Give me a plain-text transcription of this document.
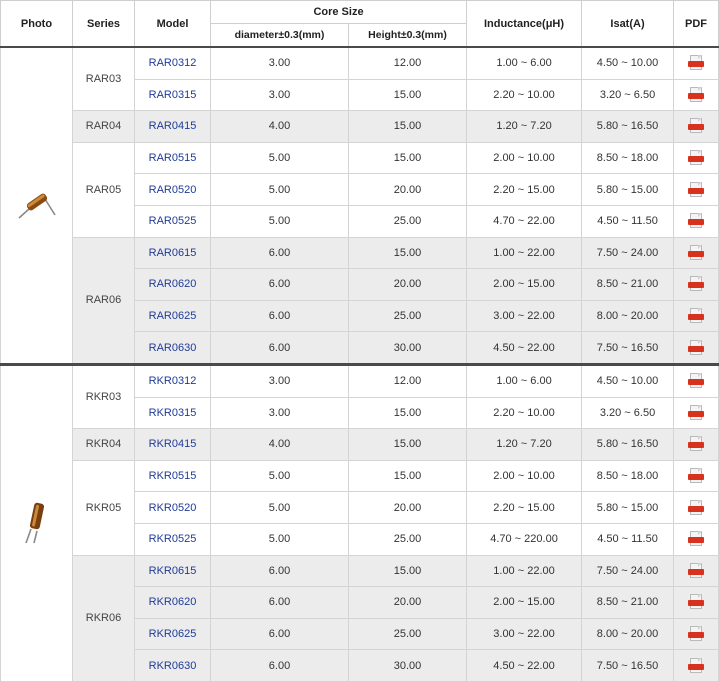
Photo	Series	Model	Core Size		Inductance(μH)	Isat(A)	PDF
			diameter±0.3(mm)	Height±0.3(mm)			
	RAR03	RAR0312	3.00	12.00	1.00 ~ 6.00	4.50 ~ 10.00	

		RAR0315	3.00	15.00	2.20 ~ 10.00	3.20 ~ 6.50	

	RAR04	RAR0415	4.00	15.00	1.20 ~ 7.20	5.80 ~ 16.50	

	RAR05	RAR0515	5.00	15.00	2.00 ~ 10.00	8.50 ~ 18.00	

		RAR0520	5.00	20.00	2.20 ~ 15.00	5.80 ~ 15.00	

		RAR0525	5.00	25.00	4.70 ~ 22.00	4.50 ~ 11.50	

	RAR06	RAR0615	6.00	15.00	1.00 ~ 22.00	7.50 ~ 24.00	

		RAR0620	6.00	20.00	2.00 ~ 15.00	8.50 ~ 21.00	

		RAR0625	6.00	25.00	3.00 ~ 22.00	8.00 ~ 20.00	

		RAR0630	6.00	30.00	4.50 ~ 22.00	7.50 ~ 16.50	

	RKR03	RKR0312	3.00	12.00	1.00 ~ 6.00	4.50 ~ 10.00	

		RKR0315	3.00	15.00	2.20 ~ 10.00	3.20 ~ 6.50	

	RKR04	RKR0415	4.00	15.00	1.20 ~ 7.20	5.80 ~ 16.50	

	RKR05	RKR0515	5.00	15.00	2.00 ~ 10.00	8.50 ~ 18.00	

		RKR0520	5.00	20.00	2.20 ~ 15.00	5.80 ~ 15.00	

		RKR0525	5.00	25.00	4.70 ~ 220.00	4.50 ~ 11.50	

	RKR06	RKR0615	6.00	15.00	1.00 ~ 22.00	7.50 ~ 24.00	

		RKR0620	6.00	20.00	2.00 ~ 15.00	8.50 ~ 21.00	

		RKR0625	6.00	25.00	3.00 ~ 22.00	8.00 ~ 20.00	

		RKR0630	6.00	30.00	4.50 ~ 22.00	7.50 ~ 16.50	
